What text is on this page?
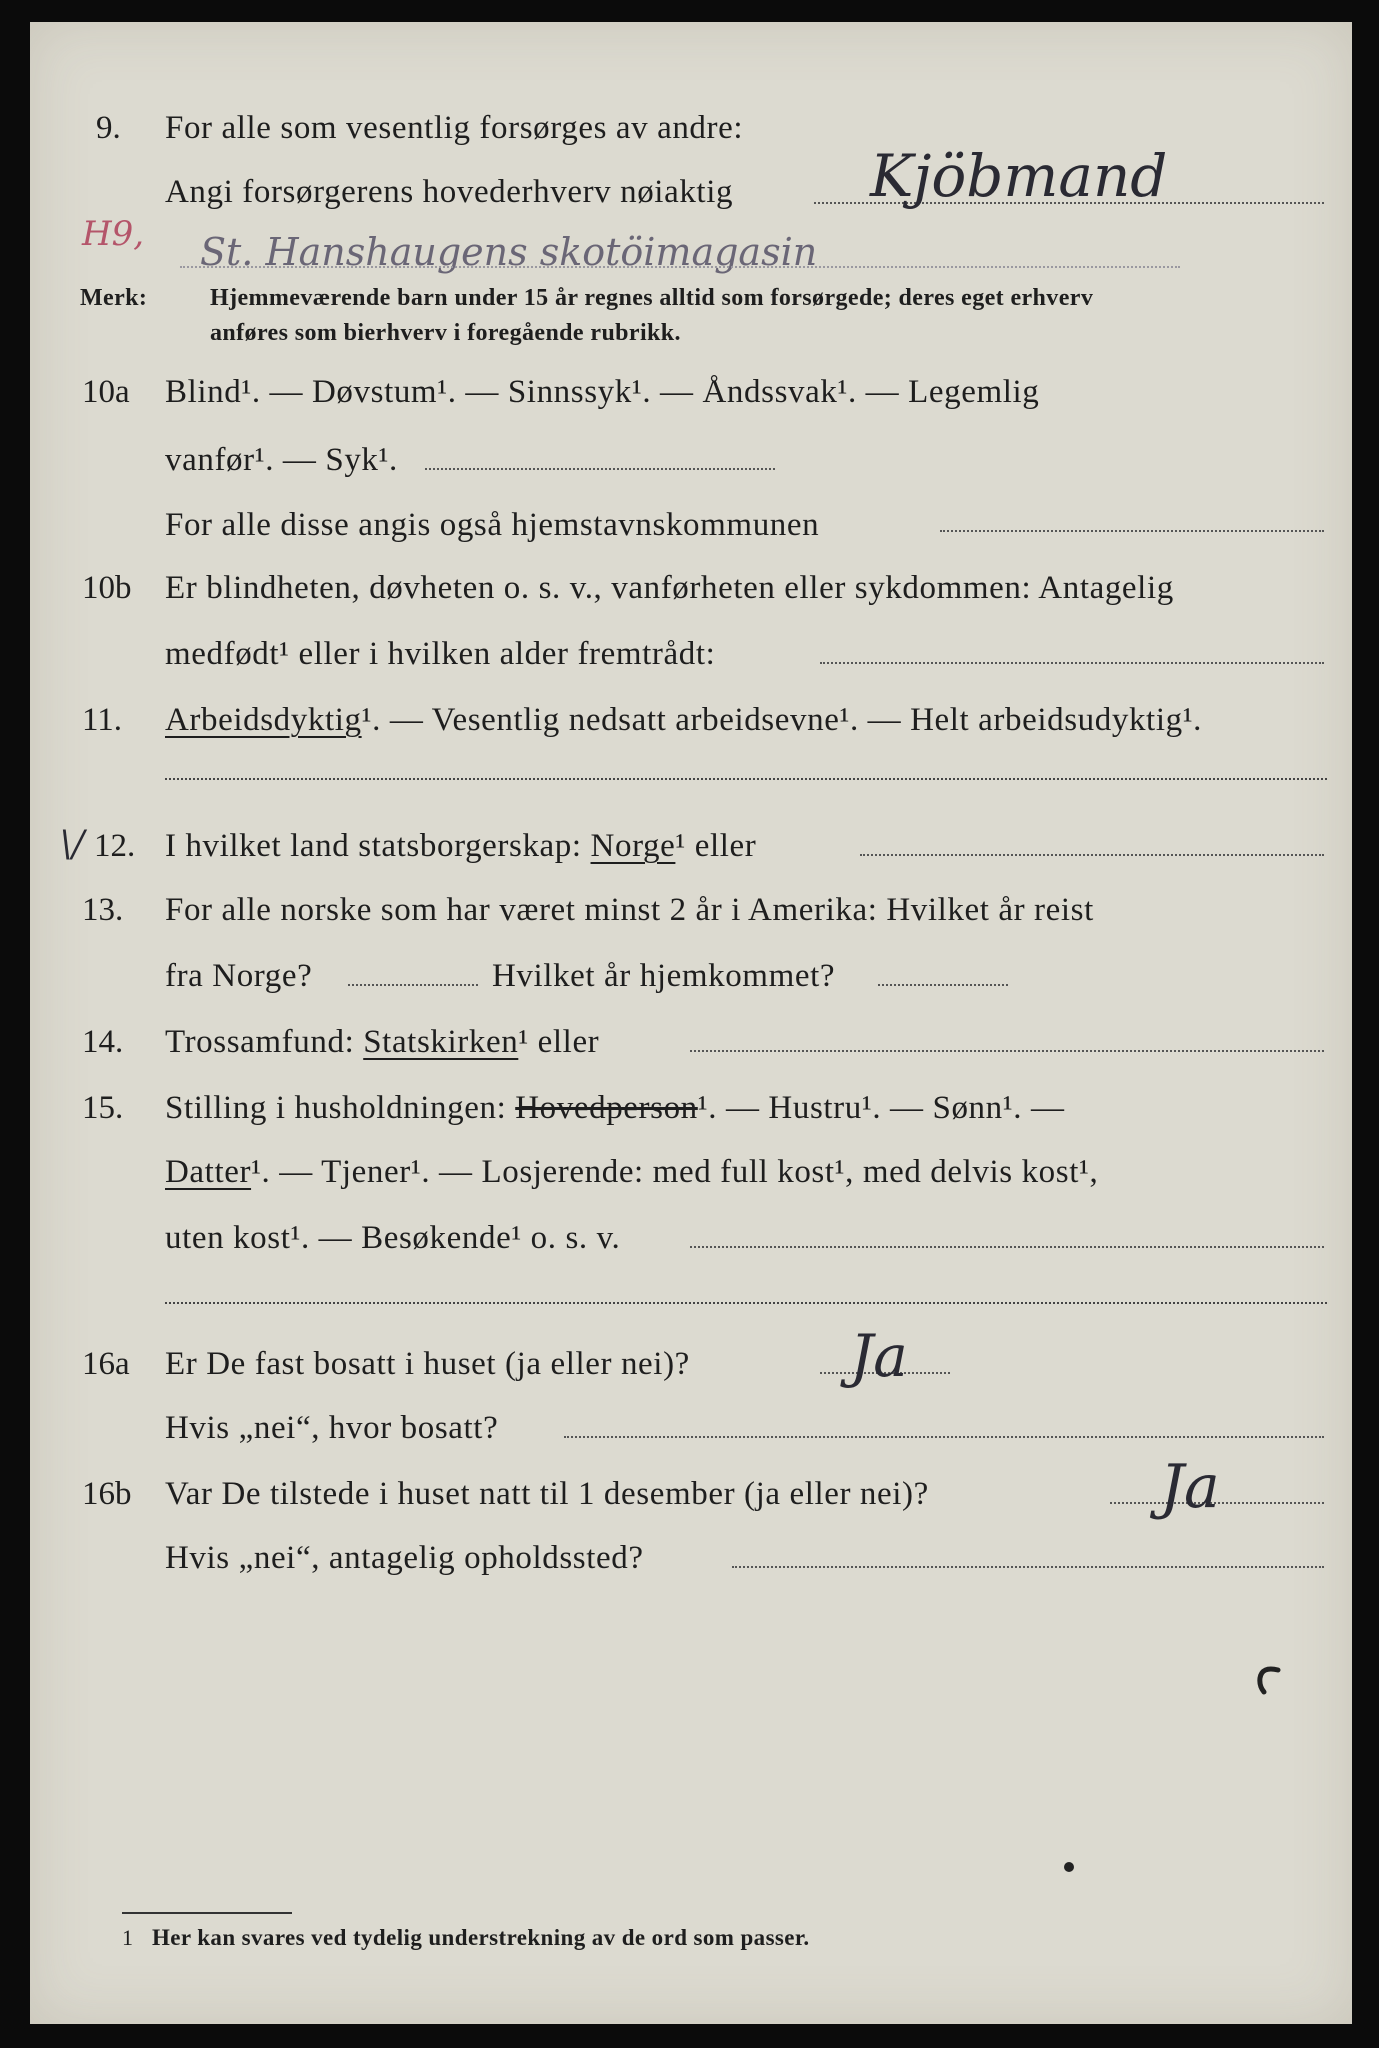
9. For alle som vesentlig forsørges av andre:
H9,
Angi forsørgerens hovederhverv nøiaktig Kjöbmand
St. Hanshaugens skotöimagasin
Merk:	Hjemmeværende barn under 15 år regnes alltid som forsørgede; deres eget erhverv
anføres som bierhverv i foregående rubrikk.
10a Blind¹. — Døvstum¹. — Sinnssyk¹. — Åndssvak¹. — Legemlig
vanfør¹. — Syk¹.
For alle disse angis også hjemstavnskommunen
10b Er blindheten, døvheten o. s. v., vanførheten eller sykdommen: Antagelig
medfødt¹ eller i hvilken alder fremtrådt:
11. Arbeidsdyktig¹. — Vesentlig nedsatt arbeidsevne¹. — Helt arbeidsudyktig¹.
\/ 12. I hvilket land statsborgerskap: Norge¹ eller
13. For alle norske som har været minst 2 år i Amerika: Hvilket år reist
fra Norge?	Hvilket år hjemkommet?
14. Trossamfund: Statskirken¹ eller
15. Stilling i husholdningen: Hovedperson¹. — Hustru¹. — Sønn¹. —
Datter¹. — Tjener¹. — Losjerende: med full kost¹, med delvis kost¹,
uten kost¹. — Besøkende¹ o. s. v.
16a Er De fast bosatt i huset (ja eller nei)?	Ja
Hvis „nei“, hvor bosatt?
16b Var De tilstede i huset natt til 1 desember (ja eller nei)?	Ja
Hvis „nei“, antagelig opholdssted?
1 Her kan svares ved tydelig understrekning av de ord som passer.
